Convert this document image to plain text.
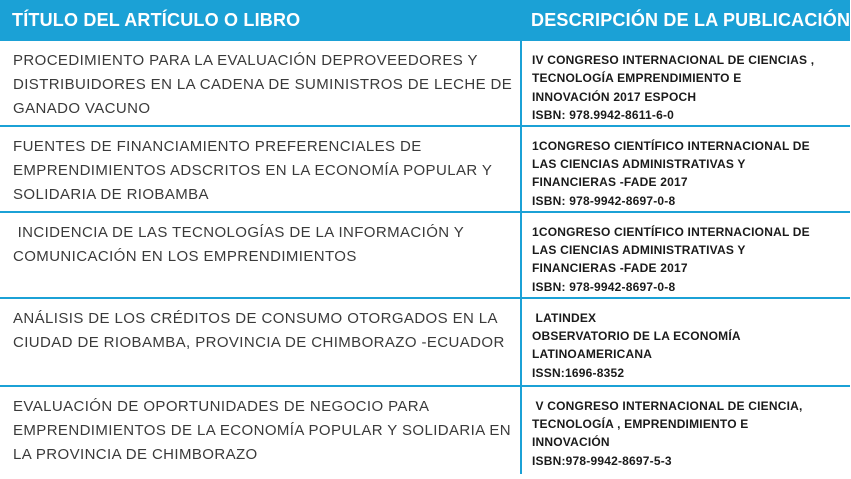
TÍTULO DEL ARTÍCULO O LIBRO	DESCRIPCIÓN DE LA PUBLICACIÓN

PROCEDIMIENTO PARA LA EVALUACIÓN DEPROVEEDORES Y
DISTRIBUIDORES EN LA CADENA DE SUMINISTROS DE LECHE DE
GANADO VACUNO	IV CONGRESO INTERNACIONAL DE CIENCIAS ,
TECNOLOGÍA EMPRENDIMIENTO E
INNOVACIÓN 2017 ESPOCH
ISBN: 978.9942-8611-6-0

FUENTES DE FINANCIAMIENTO PREFERENCIALES DE
EMPRENDIMIENTOS ADSCRITOS EN LA ECONOMÍA POPULAR Y
SOLIDARIA DE RIOBAMBA	1CONGRESO CIENTÍFICO INTERNACIONAL DE
LAS CIENCIAS ADMINISTRATIVAS Y
FINANCIERAS -FADE 2017
ISBN: 978-9942-8697-0-8

INCIDENCIA DE LAS TECNOLOGÍAS DE LA INFORMACIÓN Y
COMUNICACIÓN EN LOS EMPRENDIMIENTOS	1CONGRESO CIENTÍFICO INTERNACIONAL DE
LAS CIENCIAS ADMINISTRATIVAS Y
FINANCIERAS -FADE 2017
ISBN: 978-9942-8697-0-8

ANÁLISIS DE LOS CRÉDITOS DE CONSUMO OTORGADOS EN LA
CIUDAD DE RIOBAMBA, PROVINCIA DE CHIMBORAZO -ECUADOR	LATINDEX
OBSERVATORIO DE LA ECONOMÍA
LATINOAMERICANA
ISSN:1696-8352

EVALUACIÓN DE OPORTUNIDADES DE NEGOCIO PARA
EMPRENDIMIENTOS DE LA ECONOMÍA POPULAR Y SOLIDARIA EN
LA PROVINCIA DE CHIMBORAZO	V CONGRESO INTERNACIONAL DE CIENCIA,
TECNOLOGÍA , EMPRENDIMIENTO E
INNOVACIÓN
ISBN:978-9942-8697-5-3
